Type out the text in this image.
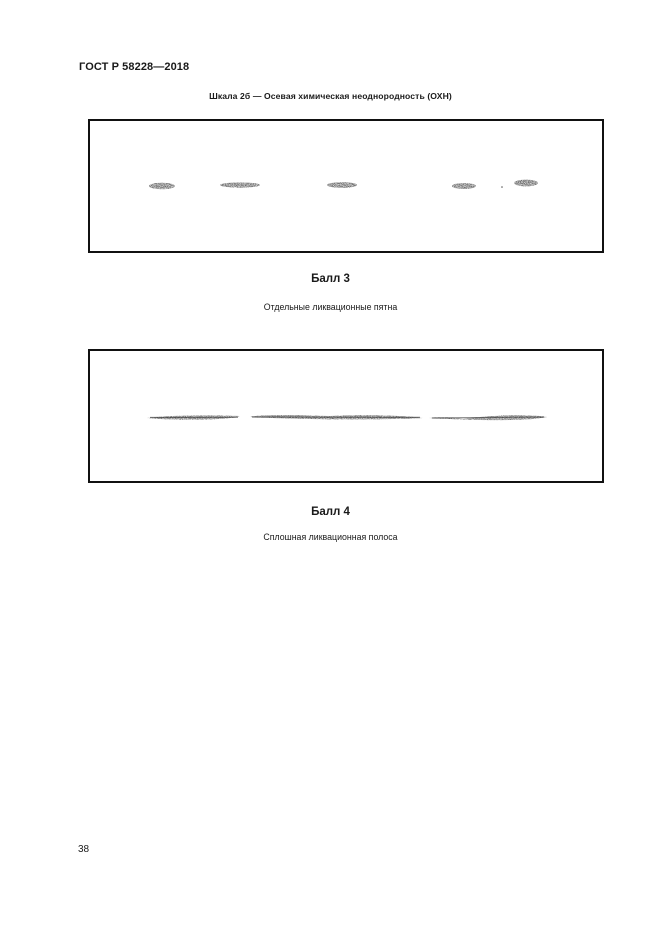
ГОСТ Р 58228—2018
Шкала 2б — Осевая химическая неоднородность (ОХН)
Балл 3
Отдельные ликвационные пятна
Балл 4
Сплошная ликвационная полоса
38
